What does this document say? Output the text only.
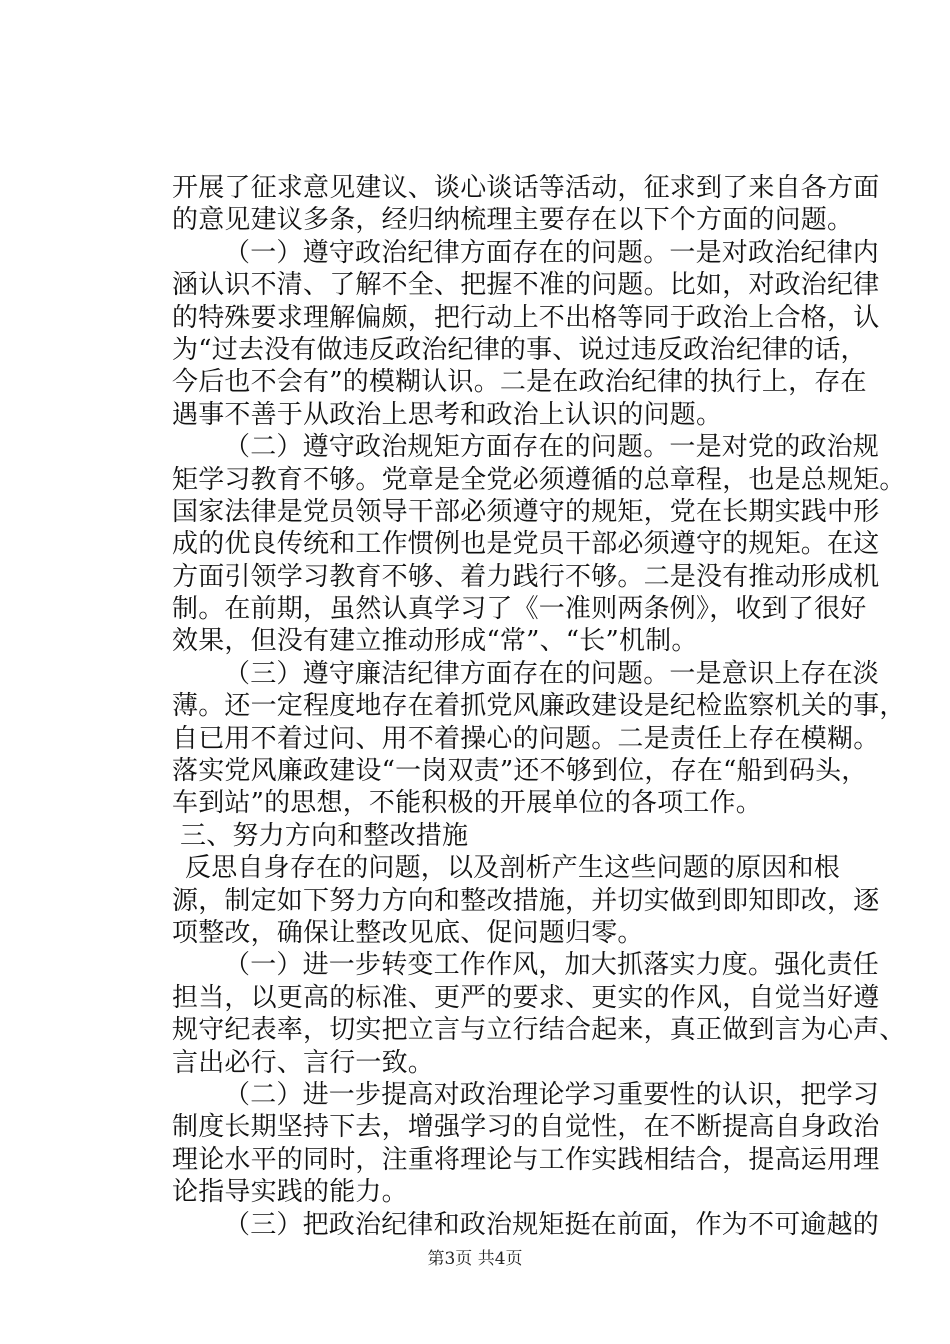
开展了征求意见建议、谈心谈话等活动，征求到了来自各方面
的意见建议多条，经归纳梳理主要存在以下个方面的问题。
（一）遵守政治纪律方面存在的问题。一是对政治纪律内
涵认识不清、了解不全、把握不准的问题。比如，对政治纪律
的特殊要求理解偏颇，把行动上不出格等同于政治上合格，认
为“过去没有做违反政治纪律的事、说过违反政治纪律的话，
今后也不会有”的模糊认识。二是在政治纪律的执行上，存在
遇事不善于从政治上思考和政治上认识的问题。
（二）遵守政治规矩方面存在的问题。一是对党的政治规
矩学习教育不够。党章是全党必须遵循的总章程，也是总规矩。
国家法律是党员领导干部必须遵守的规矩，党在长期实践中形
成的优良传统和工作惯例也是党员干部必须遵守的规矩。在这
方面引领学习教育不够、着力践行不够。二是没有推动形成机
制。在前期，虽然认真学习了《一准则两条例》，收到了很好
效果，但没有建立推动形成“常”、“长”机制。
（三）遵守廉洁纪律方面存在的问题。一是意识上存在淡
薄。还一定程度地存在着抓党风廉政建设是纪检监察机关的事，
自已用不着过问、用不着操心的问题。二是责任上存在模糊。
落实党风廉政建设“一岗双责”还不够到位，存在“船到码头，
车到站”的思想，不能积极的开展单位的各项工作。
三、努力方向和整改措施
反思自身存在的问题，以及剖析产生这些问题的原因和根
源，制定如下努力方向和整改措施，并切实做到即知即改，逐
项整改，确保让整改见底、促问题归零。
（一）进一步转变工作作风，加大抓落实力度。强化责任
担当，以更高的标准、更严的要求、更实的作风，自觉当好遵
规守纪表率，切实把立言与立行结合起来，真正做到言为心声、
言出必行、言行一致。
（二）进一步提高对政治理论学习重要性的认识，把学习
制度长期坚持下去，增强学习的自觉性，在不断提高自身政治
理论水平的同时，注重将理论与工作实践相结合，提高运用理
论指导实践的能力。
（三）把政治纪律和政治规矩挺在前面，作为不可逾越的
第3页 共4页
